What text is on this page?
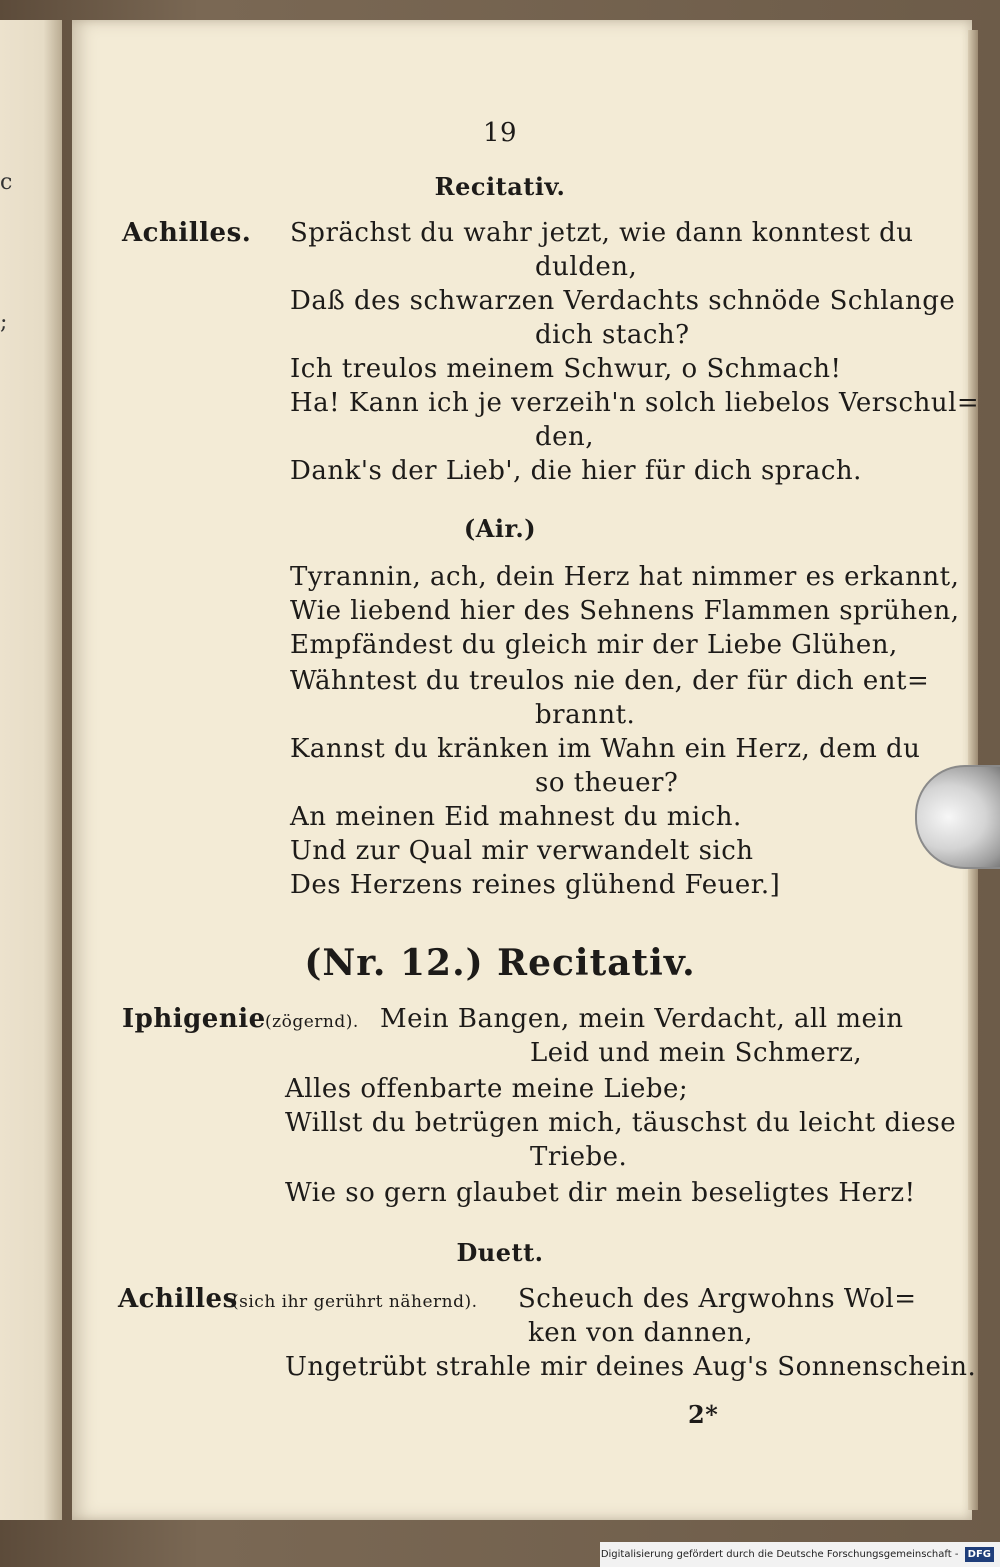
c
;
19
Recitativ.
Achilles. Sprächst du wahr jetzt, wie dann konntest du
dulden,
Daß des schwarzen Verdachts schnöde Schlange
dich stach?
Ich treulos meinem Schwur, o Schmach!
Ha! Kann ich je verzeih'n solch liebelos Verschul=
den,
Dank's der Lieb', die hier für dich sprach.
(Air.)
Tyrannin, ach, dein Herz hat nimmer es erkannt,
Wie liebend hier des Sehnens Flammen sprühen,
Empfändest du gleich mir der Liebe Glühen,
Wähntest du treulos nie den, der für dich ent=
brannt.
Kannst du kränken im Wahn ein Herz, dem du
so theuer?
An meinen Eid mahnest du mich.
Und zur Qual mir verwandelt sich
Des Herzens reines glühend Feuer.]
(Nr. 12.) Recitativ.
Iphigenie (zögernd). Mein Bangen, mein Verdacht, all mein
Leid und mein Schmerz,
Alles offenbarte meine Liebe;
Willst du betrügen mich, täuschst du leicht diese
Triebe.
Wie so gern glaubet dir mein beseligtes Herz!
Duett.
Achilles
(sich ihr gerührt nähernd). Scheuch des Argwohns Wol=
ken von dannen,
Ungetrübt strahle mir deines Aug's Sonnenschein.
2*
Digitalisierung gefördert durch die Deutsche Forschungsgemeinschaft - DFG
